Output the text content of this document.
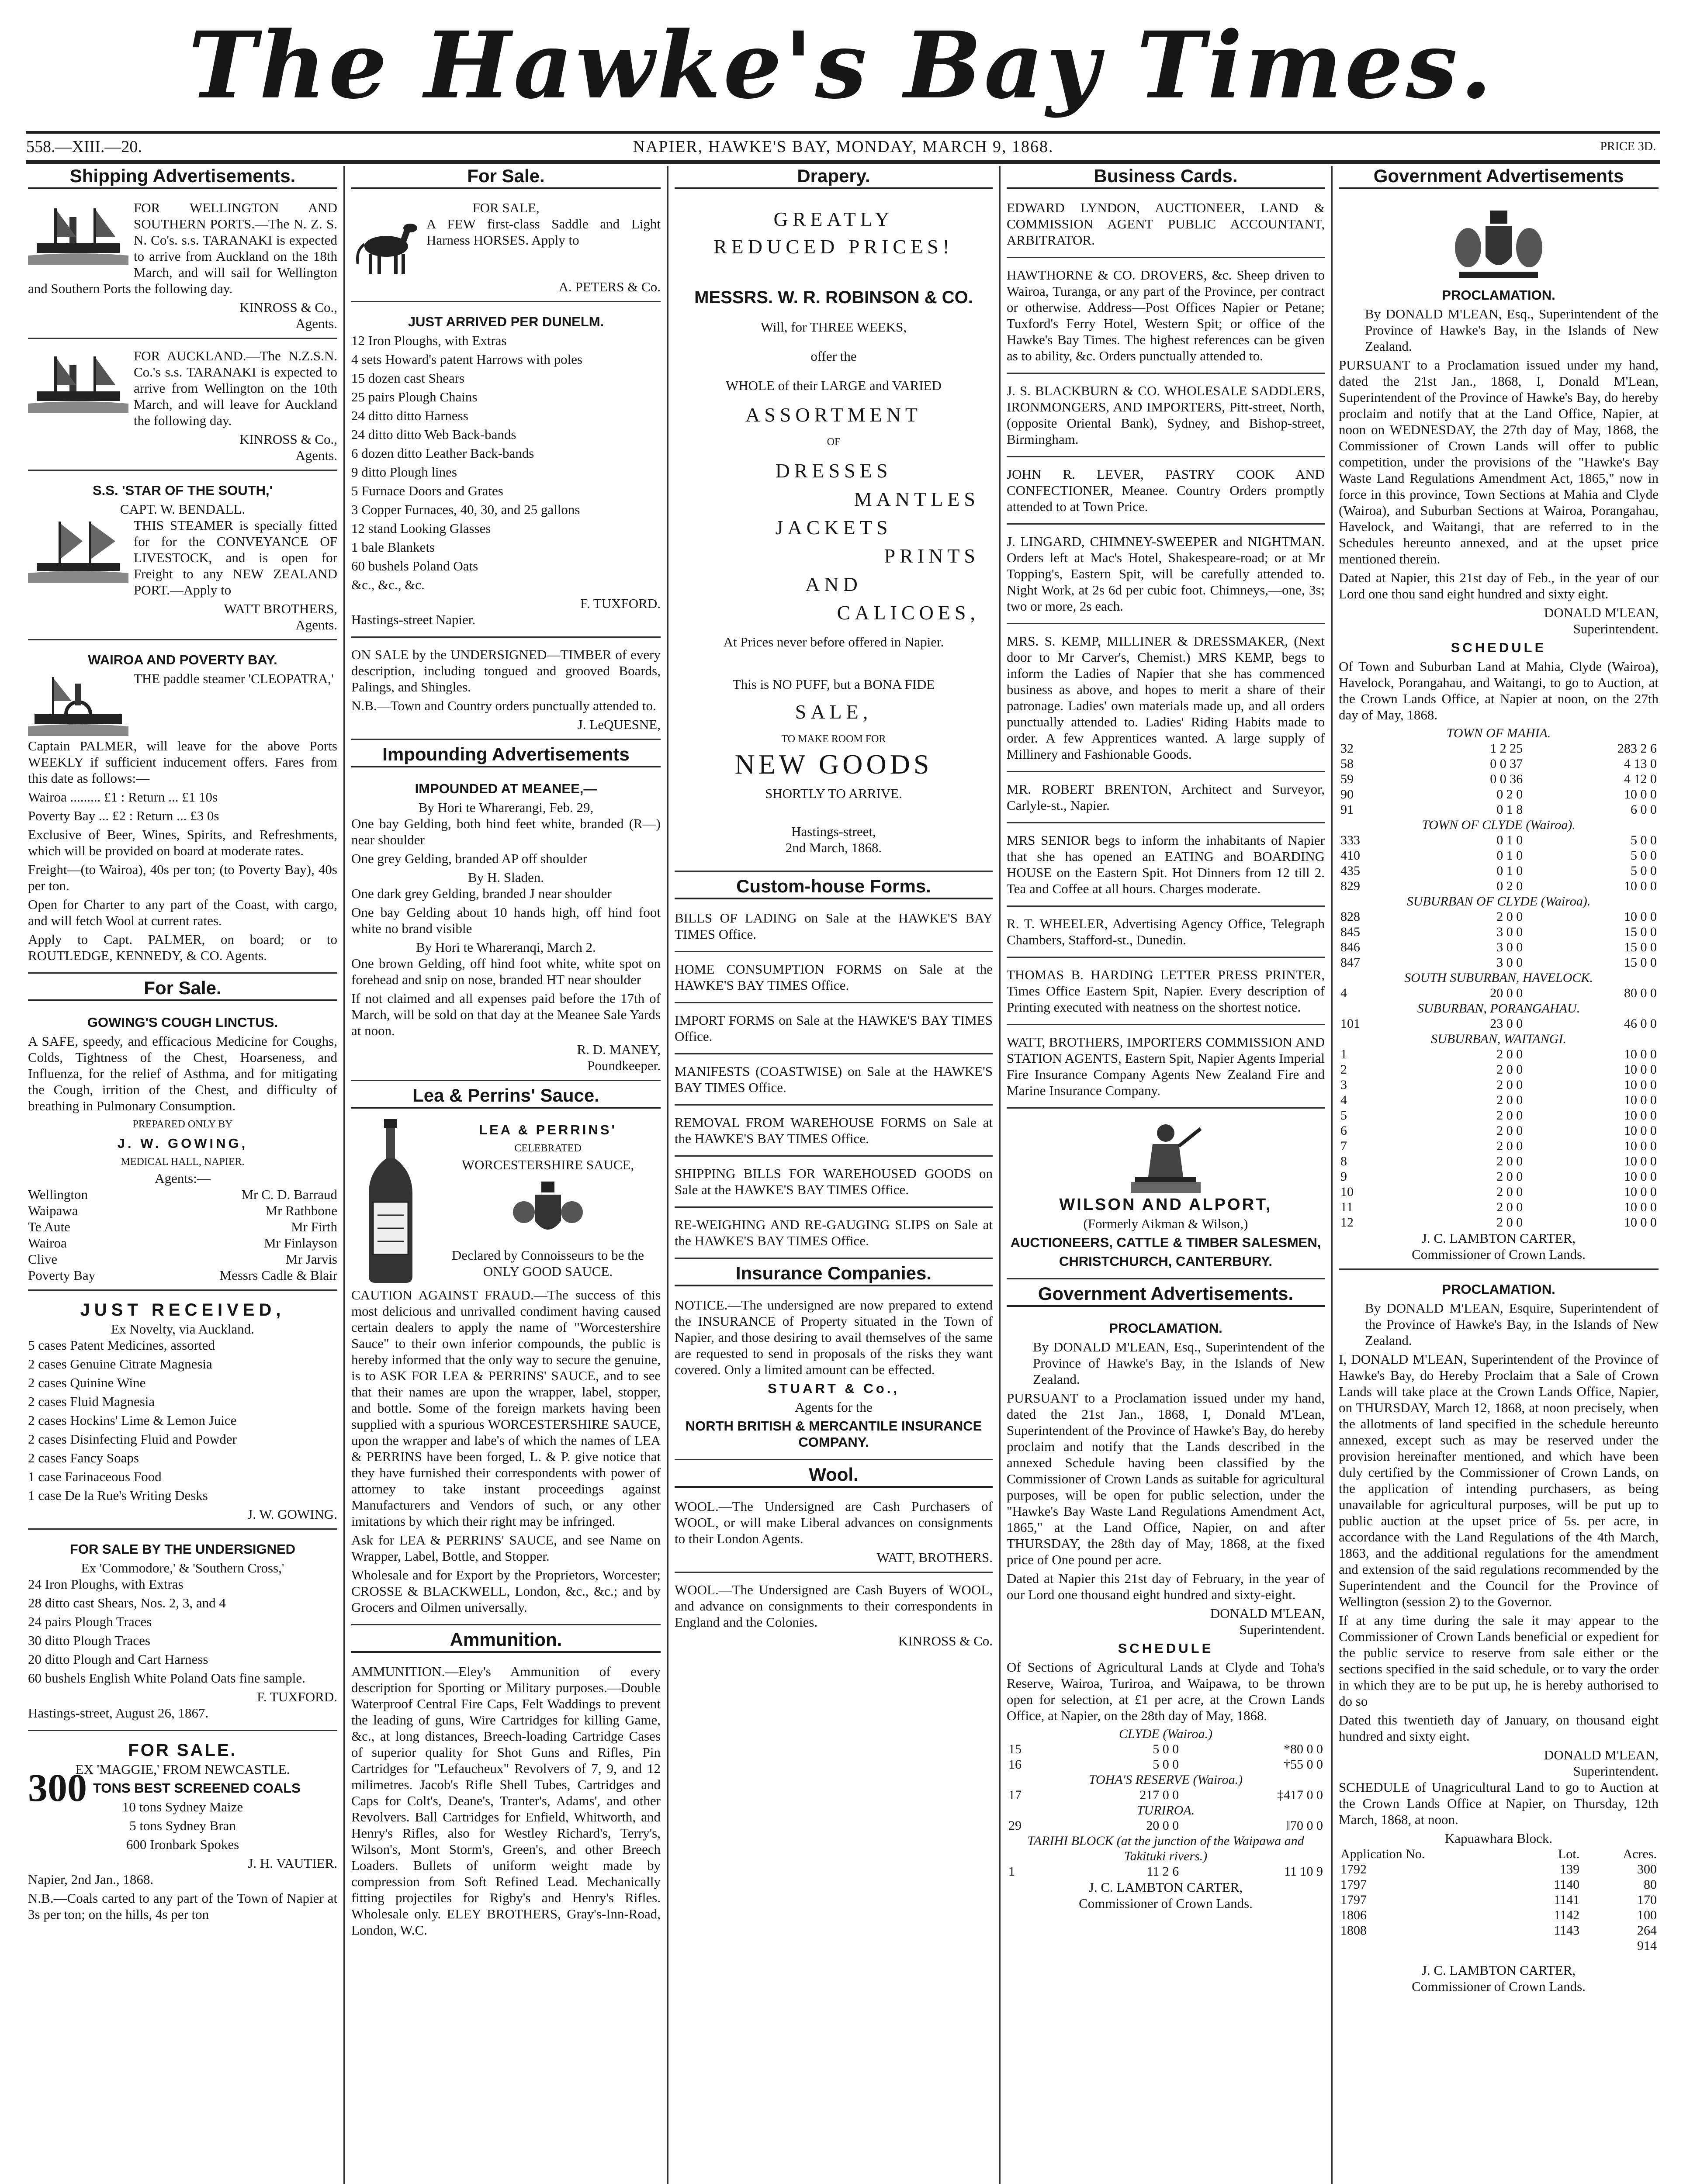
The Hawke's Bay Times.
558.—XIII.—20.	NAPIER, HAWKE'S BAY, MONDAY, MARCH 9, 1868.	PRICE 3D.
Shipping Advertisements.
FOR WELLINGTON AND SOUTHERN PORTS.—The N. Z. S. N. Co's. s.s. TARANAKI is expected to arrive from Auckland on the 18th March, and will sail for Wellington and Southern Ports the following day.
KINROSS & Co.,
Agents.
FOR AUCKLAND.—The N.Z.S.N. Co.'s s.s. TARANAKI is expected to arrive from Wellington on the 10th March, and will leave for Auckland the following day.
KINROSS & Co.,
Agents.
S.S. 'STAR OF THE SOUTH,'
CAPT. W. BENDALL.
THIS STEAMER is specially fitted for for the CONVEYANCE OF LIVESTOCK, and is open for Freight to any NEW ZEALAND PORT.—Apply to
WATT BROTHERS,
Agents.
WAIROA AND POVERTY BAY.
THE paddle steamer 'CLEOPATRA,'
Captain PALMER, will leave for the above Ports WEEKLY if sufficient inducement offers. Fares from this date as follows:—
Wairoa ......... £1 : Return ... £1 10s
Poverty Bay ... £2 : Return ... £3 0s
Exclusive of Beer, Wines, Spirits, and Refreshments, which will be provided on board at moderate rates.
Freight—(to Wairoa), 40s per ton; (to Poverty Bay), 40s per ton.
Open for Charter to any part of the Coast, with cargo, and will fetch Wool at current rates.
Apply to Capt. PALMER, on board; or to ROUTLEDGE, KENNEDY, & CO. Agents.
For Sale.
GOWING'S COUGH LINCTUS.
A SAFE, speedy, and efficacious Medicine for Coughs, Colds, Tightness of the Chest, Hoarseness, and Influenza, for the relief of Asthma, and for mitigating the Cough, irrition of the Chest, and difficulty of breathing in Pulmonary Consumption.
PREPARED ONLY BY
J. W. GOWING,
MEDICAL HALL, NAPIER.
Agents:—
Wellington	Mr C. D. Barraud
Waipawa	Mr Rathbone
Te Aute	Mr Firth
Wairoa	Mr Finlayson
Clive	Mr Jarvis
Poverty Bay	Messrs Cadle & Blair
JUST RECEIVED,
Ex Novelty, via Auckland.
5 cases Patent Medicines, assorted
2 cases Genuine Citrate Magnesia
2 cases Quinine Wine
2 cases Fluid Magnesia
2 cases Hockins' Lime & Lemon Juice
2 cases Disinfecting Fluid and Powder
2 cases Fancy Soaps
1 case Farinaceous Food
1 case De la Rue's Writing Desks
J. W. GOWING.
FOR SALE BY THE UNDERSIGNED
Ex 'Commodore,' & 'Southern Cross,'
24 Iron Ploughs, with Extras
28 ditto cast Shears, Nos. 2, 3, and 4
24 pairs Plough Traces
30 ditto Plough Traces
20 ditto Plough and Cart Harness
60 bushels English White Poland Oats fine sample.
F. TUXFORD.
Hastings-street, August 26, 1867.
FOR SALE.
EX 'MAGGIE,' FROM NEWCASTLE.
300 TONS BEST SCREENED COALS
10 tons Sydney Maize
5 tons Sydney Bran
600 Ironbark Spokes
J. H. VAUTIER.
Napier, 2nd Jan., 1868.
N.B.—Coals carted to any part of the Town of Napier at 3s per ton; on the hills, 4s per ton
For Sale.
FOR SALE,
A FEW first-class Saddle and Light Harness HORSES. Apply to
A. PETERS & Co.
JUST ARRIVED PER DUNELM.
12 Iron Ploughs, with Extras
4 sets Howard's patent Harrows with poles
15 dozen cast Shears
25 pairs Plough Chains
24 ditto ditto Harness
24 ditto ditto Web Back-bands
6 dozen ditto Leather Back-bands
9 ditto Plough lines
5 Furnace Doors and Grates
3 Copper Furnaces, 40, 30, and 25 gallons
12 stand Looking Glasses
1 bale Blankets
60 bushels Poland Oats
&c., &c., &c.
F. TUXFORD.
Hastings-street Napier.
ON SALE by the UNDERSIGNED—TIMBER of every description, including tongued and grooved Boards, Palings, and Shingles.
N.B.—Town and Country orders punctually attended to.
J. LeQUESNE,
Impounding Advertisements
IMPOUNDED AT MEANEE,—
By Hori te Wharerangi, Feb. 29,
One bay Gelding, both hind feet white, branded (R—) near shoulder
One grey Gelding, branded AP off shoulder
By H. Sladen.
One dark grey Gelding, branded J near shoulder
One bay Gelding about 10 hands high, off hind foot white no brand visible
By Hori te Whareranqi, March 2.
One brown Gelding, off hind foot white, white spot on forehead and snip on nose, branded HT near shoulder
If not claimed and all expenses paid before the 17th of March, will be sold on that day at the Meanee Sale Yards at noon.
R. D. MANEY,
Poundkeeper.
Lea & Perrins' Sauce.
LEA & PERRINS'
CELEBRATED
WORCESTERSHIRE SAUCE,
Declared by Connoisseurs to be the ONLY GOOD SAUCE.
CAUTION AGAINST FRAUD.—The success of this most delicious and unrivalled condiment having caused certain dealers to apply the name of "Worcestershire Sauce" to their own inferior compounds, the public is hereby informed that the only way to secure the genuine, is to ASK FOR LEA & PERRINS' SAUCE, and to see that their names are upon the wrapper, label, stopper, and bottle. Some of the foreign markets having been supplied with a spurious WORCESTERSHIRE SAUCE, upon the wrapper and labe's of which the names of LEA & PERRINS have been forged, L. & P. give notice that they have furnished their correspondents with power of attorney to take instant proceedings against Manufacturers and Vendors of such, or any other imitations by which their right may be infringed.
Ask for LEA & PERRINS' SAUCE, and see Name on Wrapper, Label, Bottle, and Stopper.
Wholesale and for Export by the Proprietors, Worcester; CROSSE & BLACKWELL, London, &c., &c.; and by Grocers and Oilmen universally.
Ammunition.
AMMUNITION.—Eley's Ammunition of every description for Sporting or Military purposes.—Double Waterproof Central Fire Caps, Felt Waddings to prevent the leading of guns, Wire Cartridges for killing Game, &c., at long distances, Breech-loading Cartridge Cases of superior quality for Shot Guns and Rifles, Pin Cartridges for "Lefaucheux" Revolvers of 7, 9, and 12 milimetres. Jacob's Rifle Shell Tubes, Cartridges and Caps for Colt's, Deane's, Tranter's, Adams', and other Revolvers. Ball Cartridges for Enfield, Whitworth, and Henry's Rifles, also for Westley Richard's, Terry's, Wilson's, Mont Storm's, Green's, and other Breech Loaders. Bullets of uniform weight made by compression from Soft Refined Lead. Mechanically fitting projectiles for Rigby's and Henry's Rifles. Wholesale only. ELEY BROTHERS, Gray's-Inn-Road, London, W.C.
Drapery.
GREATLY
REDUCED PRICES!
MESSRS. W. R. ROBINSON & CO.
Will, for THREE WEEKS,
offer the
WHOLE of their LARGE and VARIED
ASSORTMENT
OF
DRESSES
MANTLES
JACKETS
PRINTS
AND
CALICOES,
At Prices never before offered in Napier.
This is NO PUFF, but a BONA FIDE
SALE,
TO MAKE ROOM FOR
NEW GOODS
SHORTLY TO ARRIVE.
Hastings-street,
2nd March, 1868.
Custom-house Forms.
BILLS OF LADING on Sale at the HAWKE'S BAY TIMES Office.
HOME CONSUMPTION FORMS on Sale at the HAWKE'S BAY TIMES Office.
IMPORT FORMS on Sale at the HAWKE'S BAY TIMES Office.
MANIFESTS (COASTWISE) on Sale at the HAWKE'S BAY TIMES Office.
REMOVAL FROM WAREHOUSE FORMS on Sale at the HAWKE'S BAY TIMES Office.
SHIPPING BILLS FOR WAREHOUSED GOODS on Sale at the HAWKE'S BAY TIMES Office.
RE-WEIGHING AND RE-GAUGING SLIPS on Sale at the HAWKE'S BAY TIMES Office.
Insurance Companies.
NOTICE.—The undersigned are now prepared to extend the INSURANCE of Property situated in the Town of Napier, and those desiring to avail themselves of the same are requested to send in proposals of the risks they want covered. Only a limited amount can be effected.
STUART & Co.,
Agents for the
NORTH BRITISH & MERCANTILE INSURANCE COMPANY.
Wool.
WOOL.—The Undersigned are Cash Purchasers of WOOL, or will make Liberal advances on consignments to their London Agents.
WATT, BROTHERS.
WOOL.—The Undersigned are Cash Buyers of WOOL, and advance on consignments to their correspondents in England and the Colonies.
KINROSS & Co.
Business Cards.
EDWARD LYNDON, AUCTIONEER, LAND & COMMISSION AGENT PUBLIC ACCOUNTANT, ARBITRATOR.
HAWTHORNE & CO. DROVERS, &c. Sheep driven to Wairoa, Turanga, or any part of the Province, per contract or otherwise. Address—Post Offices Napier or Petane; Tuxford's Ferry Hotel, Western Spit; or office of the Hawke's Bay Times. The highest references can be given as to ability, &c. Orders punctually attended to.
J. S. BLACKBURN & CO. WHOLESALE SADDLERS, IRONMONGERS, AND IMPORTERS, Pitt-street, North, (opposite Oriental Bank), Sydney, and Bishop-street, Birmingham.
JOHN R. LEVER, PASTRY COOK AND CONFECTIONER, Meanee. Country Orders promptly attended to at Town Price.
J. LINGARD, CHIMNEY-SWEEPER and NIGHTMAN. Orders left at Mac's Hotel, Shakespeare-road; or at Mr Topping's, Eastern Spit, will be carefully attended to. Night Work, at 2s 6d per cubic foot. Chimneys,—one, 3s; two or more, 2s each.
MRS. S. KEMP, MILLINER & DRESSMAKER, (Next door to Mr Carver's, Chemist.) MRS KEMP, begs to inform the Ladies of Napier that she has commenced business as above, and hopes to merit a share of their patronage. Ladies' own materials made up, and all orders punctually attended to. Ladies' Riding Habits made to order. A few Apprentices wanted. A large supply of Millinery and Fashionable Goods.
MR. ROBERT BRENTON, Architect and Surveyor, Carlyle-st., Napier.
MRS SENIOR begs to inform the inhabitants of Napier that she has opened an EATING and BOARDING HOUSE on the Eastern Spit. Hot Dinners from 12 till 2. Tea and Coffee at all hours. Charges moderate.
R. T. WHEELER, Advertising Agency Office, Telegraph Chambers, Stafford-st., Dunedin.
THOMAS B. HARDING LETTER PRESS PRINTER, Times Office Eastern Spit, Napier. Every description of Printing executed with neatness on the shortest notice.
WATT, BROTHERS, IMPORTERS COMMISSION AND STATION AGENTS, Eastern Spit, Napier Agents Imperial Fire Insurance Company Agents New Zealand Fire and Marine Insurance Company.
WILSON AND ALPORT,
(Formerly Aikman & Wilson,)
AUCTIONEERS, CATTLE & TIMBER SALESMEN,
CHRISTCHURCH, CANTERBURY.
Government Advertisements.
PROCLAMATION.
By DONALD M'LEAN, Esq., Superintendent of the Province of Hawke's Bay, in the Islands of New Zealand.
PURSUANT to a Proclamation issued under my hand, dated the 21st Jan., 1868, I, Donald M'Lean, Superintendent of the Province of Hawke's Bay, do hereby proclaim and notify that the Lands described in the annexed Schedule having been classified by the Commissioner of Crown Lands as suitable for agricultural purposes, will be open for public selection, under the "Hawke's Bay Waste Land Regulations Amendment Act, 1865," at the Land Office, Napier, on and after THURSDAY, the 28th day of May, 1868, at the fixed price of One pound per acre.
Dated at Napier this 21st day of February, in the year of our Lord one thousand eight hundred and sixty-eight.
DONALD M'LEAN,
Superintendent.
SCHEDULE
Of Sections of Agricultural Lands at Clyde and Toha's Reserve, Wairoa, Turiroa, and Waipawa, to be thrown open for selection, at £1 per acre, at the Crown Lands Office, at Napier, on the 28th day of May, 1868.
CLYDE (Wairoa.)		
15	5 0 0	*80 0 0
16	5 0 0	†55 0 0
TOHA'S RESERVE (Wairoa.)		
17	217 0 0	‡417 0 0
TURIROA.		
29	20 0 0	‖70 0 0
TARIHI BLOCK (at the junction of the Waipawa and Takituki rivers.)		
1	11 2 6	11 10 9
J. C. LAMBTON CARTER,
Commissioner of Crown Lands.
Government Advertisements
PROCLAMATION.
By DONALD M'LEAN, Esq., Superintendent of the Province of Hawke's Bay, in the Islands of New Zealand.
PURSUANT to a Proclamation issued under my hand, dated the 21st Jan., 1868, I, Donald M'Lean, Superintendent of the Province of Hawke's Bay, do hereby proclaim and notify that at the Land Office, Napier, at noon on WEDNESDAY, the 27th day of May, 1868, the Commissioner of Crown Lands will offer to public competition, under the provisions of the "Hawke's Bay Waste Land Regulations Amendment Act, 1865," now in force in this province, Town Sections at Mahia and Clyde (Wairoa), and Suburban Sections at Wairoa, Porangahau, Havelock, and Waitangi, that are referred to in the Schedules hereunto annexed, and at the upset price mentioned therein.
Dated at Napier, this 21st day of Feb., in the year of our Lord one thou sand eight hundred and sixty eight.
DONALD M'LEAN,
Superintendent.
SCHEDULE
Of Town and Suburban Land at Mahia, Clyde (Wairoa), Havelock, Porangahau, and Waitangi, to go to Auction, at the Crown Lands Office, at Napier at noon, on the 27th day of May, 1868.
TOWN OF MAHIA.		
32	1 2 25	283 2 6
58	0 0 37	4 13 0
59	0 0 36	4 12 0
90	0 2 0	10 0 0
91	0 1 8	6 0 0
TOWN OF CLYDE (Wairoa).		
333	0 1 0	5 0 0
410	0 1 0	5 0 0
435	0 1 0	5 0 0
829	0 2 0	10 0 0
SUBURBAN OF CLYDE (Wairoa).		
828	2 0 0	10 0 0
845	3 0 0	15 0 0
846	3 0 0	15 0 0
847	3 0 0	15 0 0
SOUTH SUBURBAN, HAVELOCK.		
4	20 0 0	80 0 0
SUBURBAN, PORANGAHAU.		
101	23 0 0	46 0 0
SUBURBAN, WAITANGI.		
1	2 0 0	10 0 0
2	2 0 0	10 0 0
3	2 0 0	10 0 0
4	2 0 0	10 0 0
5	2 0 0	10 0 0
6	2 0 0	10 0 0
7	2 0 0	10 0 0
8	2 0 0	10 0 0
9	2 0 0	10 0 0
10	2 0 0	10 0 0
11	2 0 0	10 0 0
12	2 0 0	10 0 0
J. C. LAMBTON CARTER,
Commissioner of Crown Lands.
PROCLAMATION.
By DONALD M'LEAN, Esquire, Superintendent of the Province of Hawke's Bay, in the Islands of New Zealand.
I, DONALD M'LEAN, Superintendent of the Province of Hawke's Bay, do Hereby Proclaim that a Sale of Crown Lands will take place at the Crown Lands Office, Napier, on THURSDAY, March 12, 1868, at noon precisely, when the allotments of land specified in the schedule hereunto annexed, except such as may be reserved under the provision hereinafter mentioned, and which have been duly certified by the Commissioner of Crown Lands, on the application of intending purchasers, as being unavailable for agricultural purposes, will be put up to public auction at the upset price of 5s. per acre, in accordance with the Land Regulations of the 4th March, 1863, and the additional regulations for the amendment and extension of the said regulations recommended by the Superintendent and the Council for the Province of Wellington (session 2) to the Governor.
If at any time during the sale it may appear to the Commissioner of Crown Lands beneficial or expedient for the public service to reserve from sale either or the sections specified in the said schedule, or to vary the order in which they are to be put up, he is hereby authorised to do so
Dated this twentieth day of January, on thousand eight hundred and sixty eight.
DONALD M'LEAN,
Superintendent.
SCHEDULE of Unagricultural Land to go to Auction at the Crown Lands Office at Napier, on Thursday, 12th March, 1868, at noon.
Kapuawhara Block.
Application No.	Lot.	Acres.
1792	139	300
1797	1140	80
1797	1141	170
1806	1142	100
1808	1143	264
		914
J. C. LAMBTON CARTER,
Commissioner of Crown Lands.
